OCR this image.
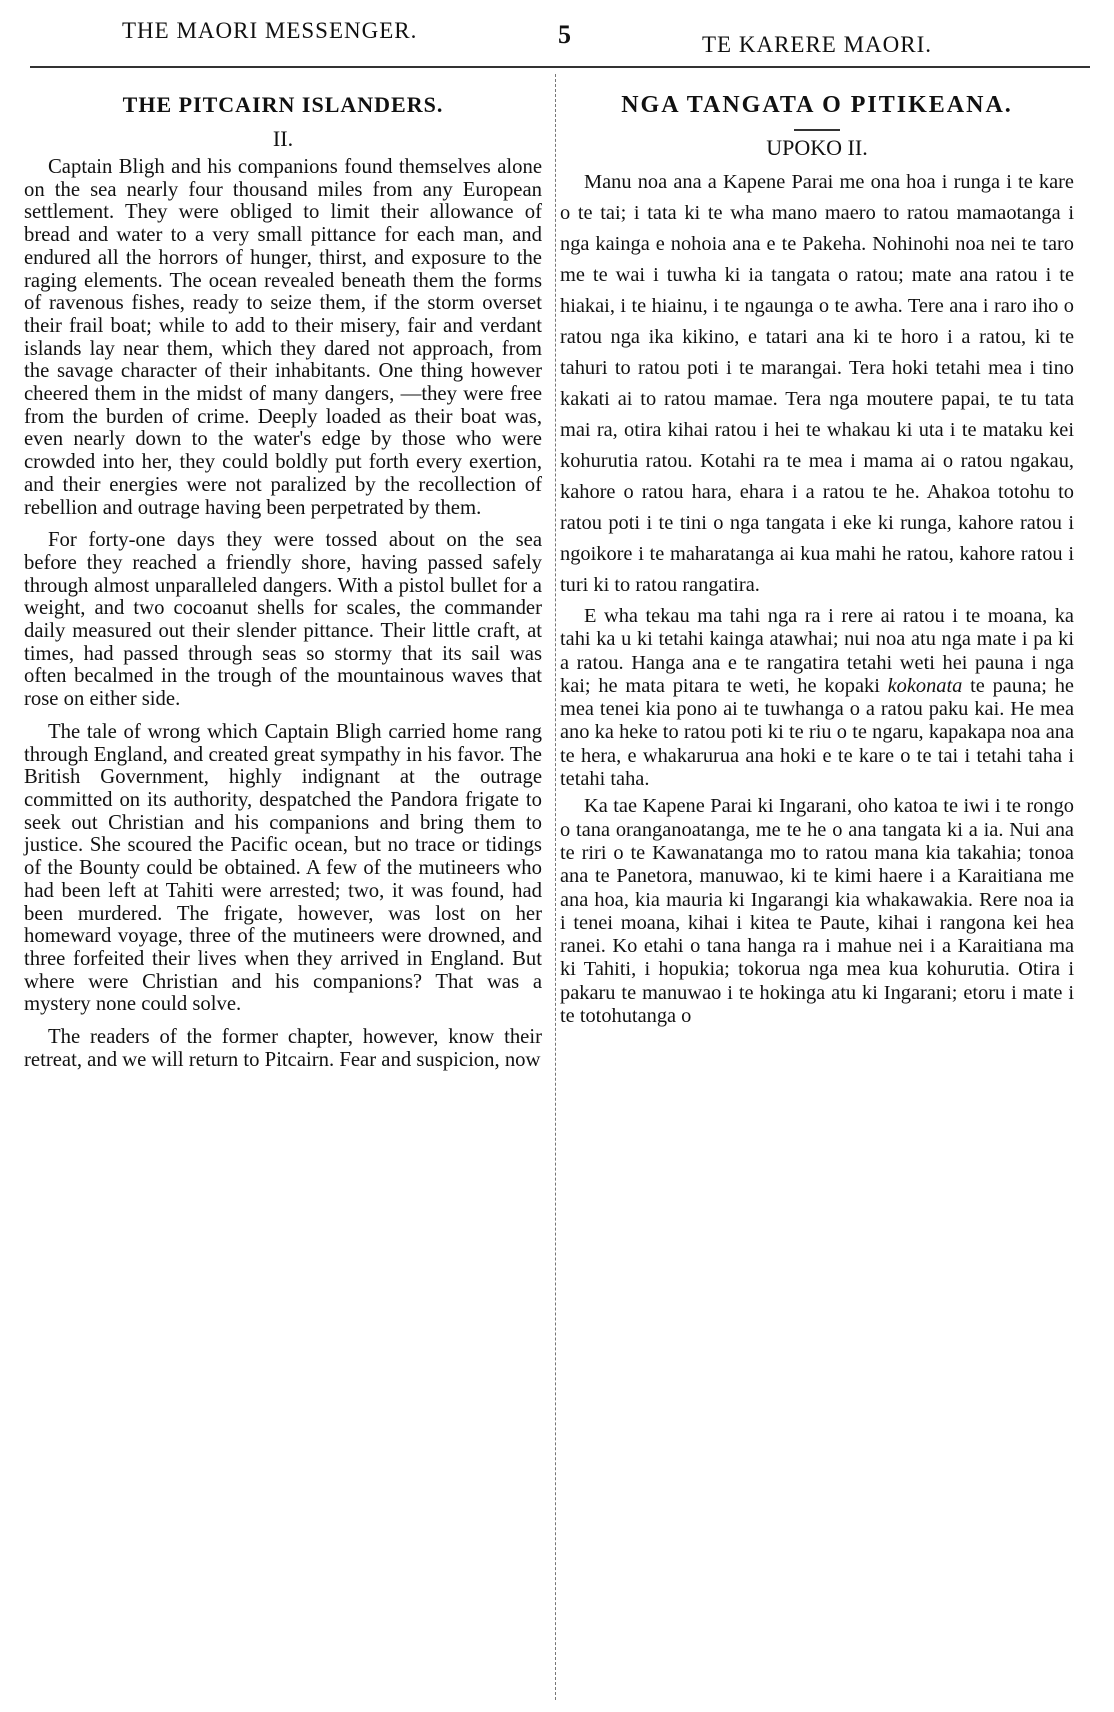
THE MAORI MESSENGER.	5	TE KARERE MAORI.
THE PITCAIRN ISLANDERS.
II.

Captain Bligh and his companions found themselves alone on the sea nearly four thousand miles from any European settlement. They were obliged to limit their allowance of bread and water to a very small pittance for each man, and endured all the horrors of hunger, thirst, and exposure to the raging elements. The ocean revealed beneath them the forms of ravenous fishes, ready to seize them, if the storm overset their frail boat; while to add to their misery, fair and verdant islands lay near them, which they dared not approach, from the savage character of their inhabitants. One thing however cheered them in the midst of many dangers, —they were free from the burden of crime. Deeply loaded as their boat was, even nearly down to the water's edge by those who were crowded into her, they could boldly put forth every exertion, and their energies were not paralized by the recollection of rebellion and outrage having been perpetrated by them.

For forty-one days they were tossed about on the sea before they reached a friendly shore, having passed safely through almost unparalleled dangers. With a pistol bullet for a weight, and two cocoanut shells for scales, the commander daily measured out their slender pittance. Their little craft, at times, had passed through seas so stormy that its sail was often becalmed in the trough of the mountainous waves that rose on either side.

The tale of wrong which Captain Bligh carried home rang through England, and created great sympathy in his favor. The British Government, highly indignant at the outrage committed on its authority, despatched the Pandora frigate to seek out Christian and his companions and bring them to justice. She scoured the Pacific ocean, but no trace or tidings of the Bounty could be obtained. A few of the mutineers who had been left at Tahiti were arrested; two, it was found, had been murdered. The frigate, however, was lost on her homeward voyage, three of the mutineers were drowned, and three forfeited their lives when they arrived in England. But where were Christian and his companions? That was a mystery none could solve.

The readers of the former chapter, however, know their retreat, and we will return to Pitcairn. Fear and suspicion, now

NGA TANGATA O PITIKEANA.
UPOKO II.

Manu noa ana a Kapene Parai me ona hoa i runga i te kare o te tai; i tata ki te wha mano maero to ratou mamaotanga i nga kainga e nohoia ana e te Pakeha. Nohinohi noa nei te taro me te wai i tuwha ki ia tangata o ratou; mate ana ratou i te hiakai, i te hiainu, i te ngaunga o te awha. Tere ana i raro iho o ratou nga ika kikino, e tatari ana ki te horo i a ratou, ki te tahuri to ratou poti i te marangai. Tera hoki tetahi mea i tino kakati ai to ratou mamae. Tera nga moutere papai, te tu tata mai ra, otira kihai ratou i hei te whakau ki uta i te mataku kei kohurutia ratou. Kotahi ra te mea i mama ai o ratou ngakau, kahore o ratou hara, ehara i a ratou te he. Ahakoa totohu to ratou poti i te tini o nga tangata i eke ki runga, kahore ratou i ngoikore i te maharatanga ai kua mahi he ratou, kahore ratou i turi ki to ratou rangatira.

E wha tekau ma tahi nga ra i rere ai ratou i te moana, ka tahi ka u ki tetahi kainga atawhai; nui noa atu nga mate i pa ki a ratou. Hanga ana e te rangatira tetahi weti hei pauna i nga kai; he mata pitara te weti, he kopaki kokonata te pauna; he mea tenei kia pono ai te tuwhanga o a ratou paku kai. He mea ano ka heke to ratou poti ki te riu o te ngaru, kapakapa noa ana te hera, e whakarurua ana hoki e te kare o te tai i tetahi taha i tetahi taha.

Ka tae Kapene Parai ki Ingarani, oho katoa te iwi i te rongo o tana oranganoatanga, me te he o ana tangata ki a ia. Nui ana te riri o te Kawanatanga mo to ratou mana kia takahia; tonoa ana te Panetora, manuwao, ki te kimi haere i a Karaitiana me ana hoa, kia mauria ki Ingarangi kia whakawakia. Rere noa ia i tenei moana, kihai i kitea te Paute, kihai i rangona kei hea ranei. Ko etahi o tana hanga ra i mahue nei i a Karaitiana ma ki Tahiti, i hopukia; tokorua nga mea kua kohurutia. Otira i pakaru te manuwao i te hokinga atu ki Ingarani; etoru i mate i te totohutanga o
